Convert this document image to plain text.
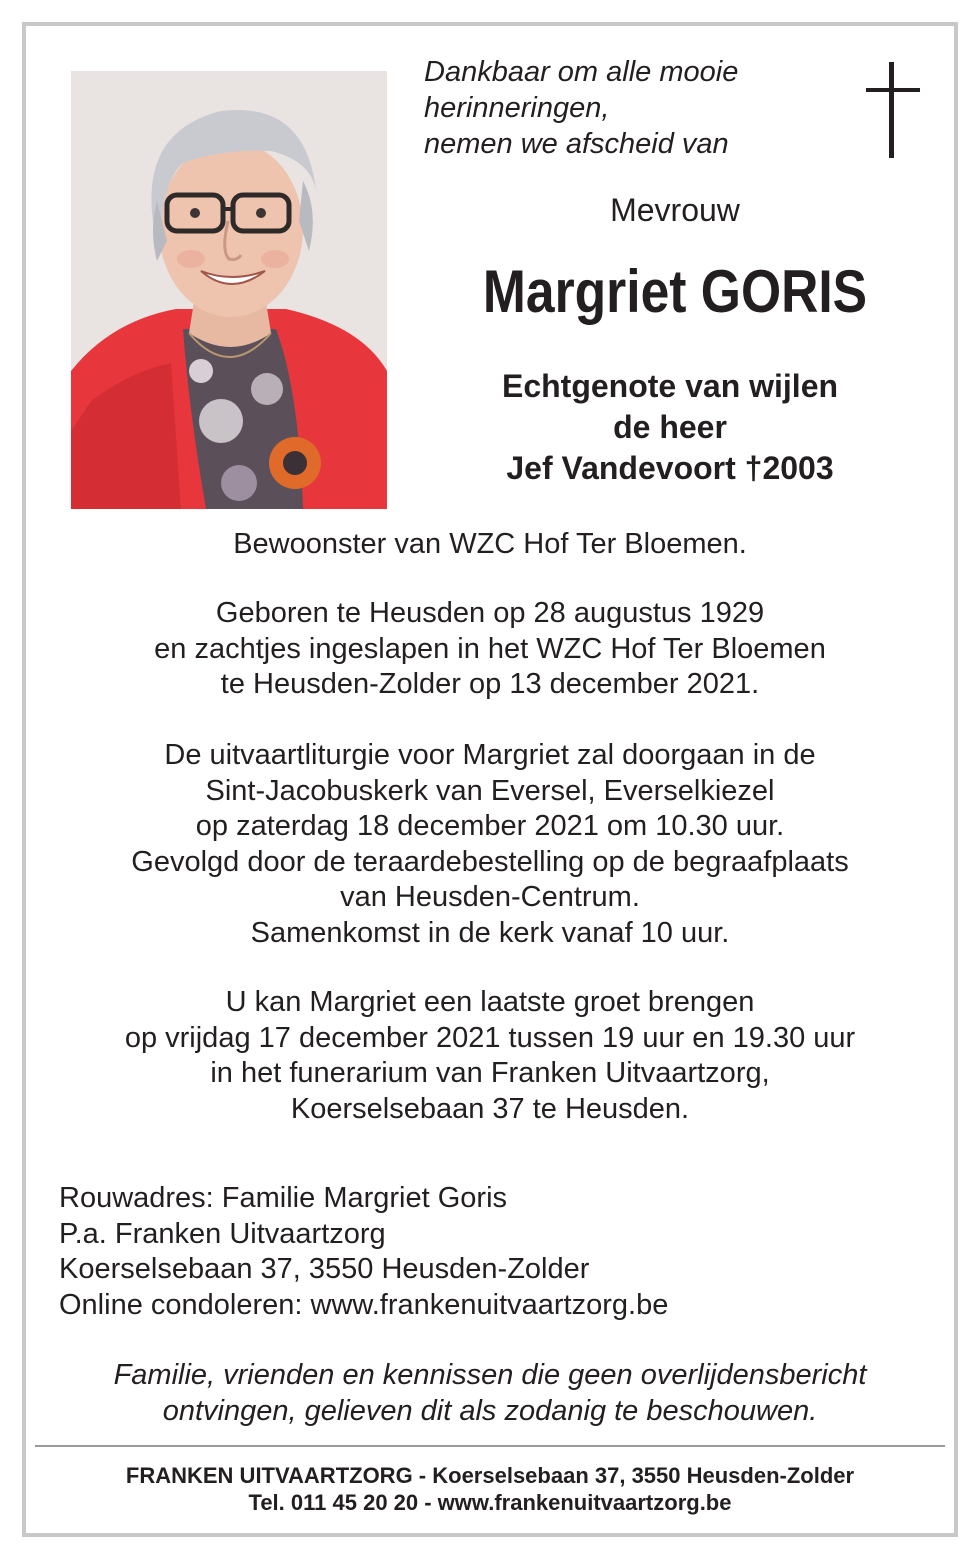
Dankbaar om alle mooie
herinneringen,
nemen we afscheid van
Mevrouw
Margriet GORIS
Echtgenote van wijlen
de heer
Jef Vandevoort †2003
Bewoonster van WZC Hof Ter Bloemen.
Geboren te Heusden op 28 augustus 1929
en zachtjes ingeslapen in het WZC Hof Ter Bloemen
te Heusden-Zolder op 13 december 2021.
De uitvaartliturgie voor Margriet zal doorgaan in de
Sint-Jacobuskerk van Eversel, Everselkiezel
op zaterdag 18 december 2021 om 10.30 uur.
Gevolgd door de teraardebestelling op de begraafplaats
van Heusden-Centrum.
Samenkomst in de kerk vanaf 10 uur.
U kan Margriet een laatste groet brengen
op vrijdag 17 december 2021 tussen 19 uur en 19.30 uur
in het funerarium van Franken Uitvaartzorg,
Koerselsebaan 37 te Heusden.
Rouwadres: Familie Margriet Goris
P.a. Franken Uitvaartzorg
Koerselsebaan 37, 3550 Heusden-Zolder
Online condoleren: www.frankenuitvaartzorg.be
Familie, vrienden en kennissen die geen overlijdensbericht
ontvingen, gelieven dit als zodanig te beschouwen.
FRANKEN UITVAARTZORG - Koerselsebaan 37, 3550 Heusden-Zolder
Tel. 011 45 20 20 - www.frankenuitvaartzorg.be
